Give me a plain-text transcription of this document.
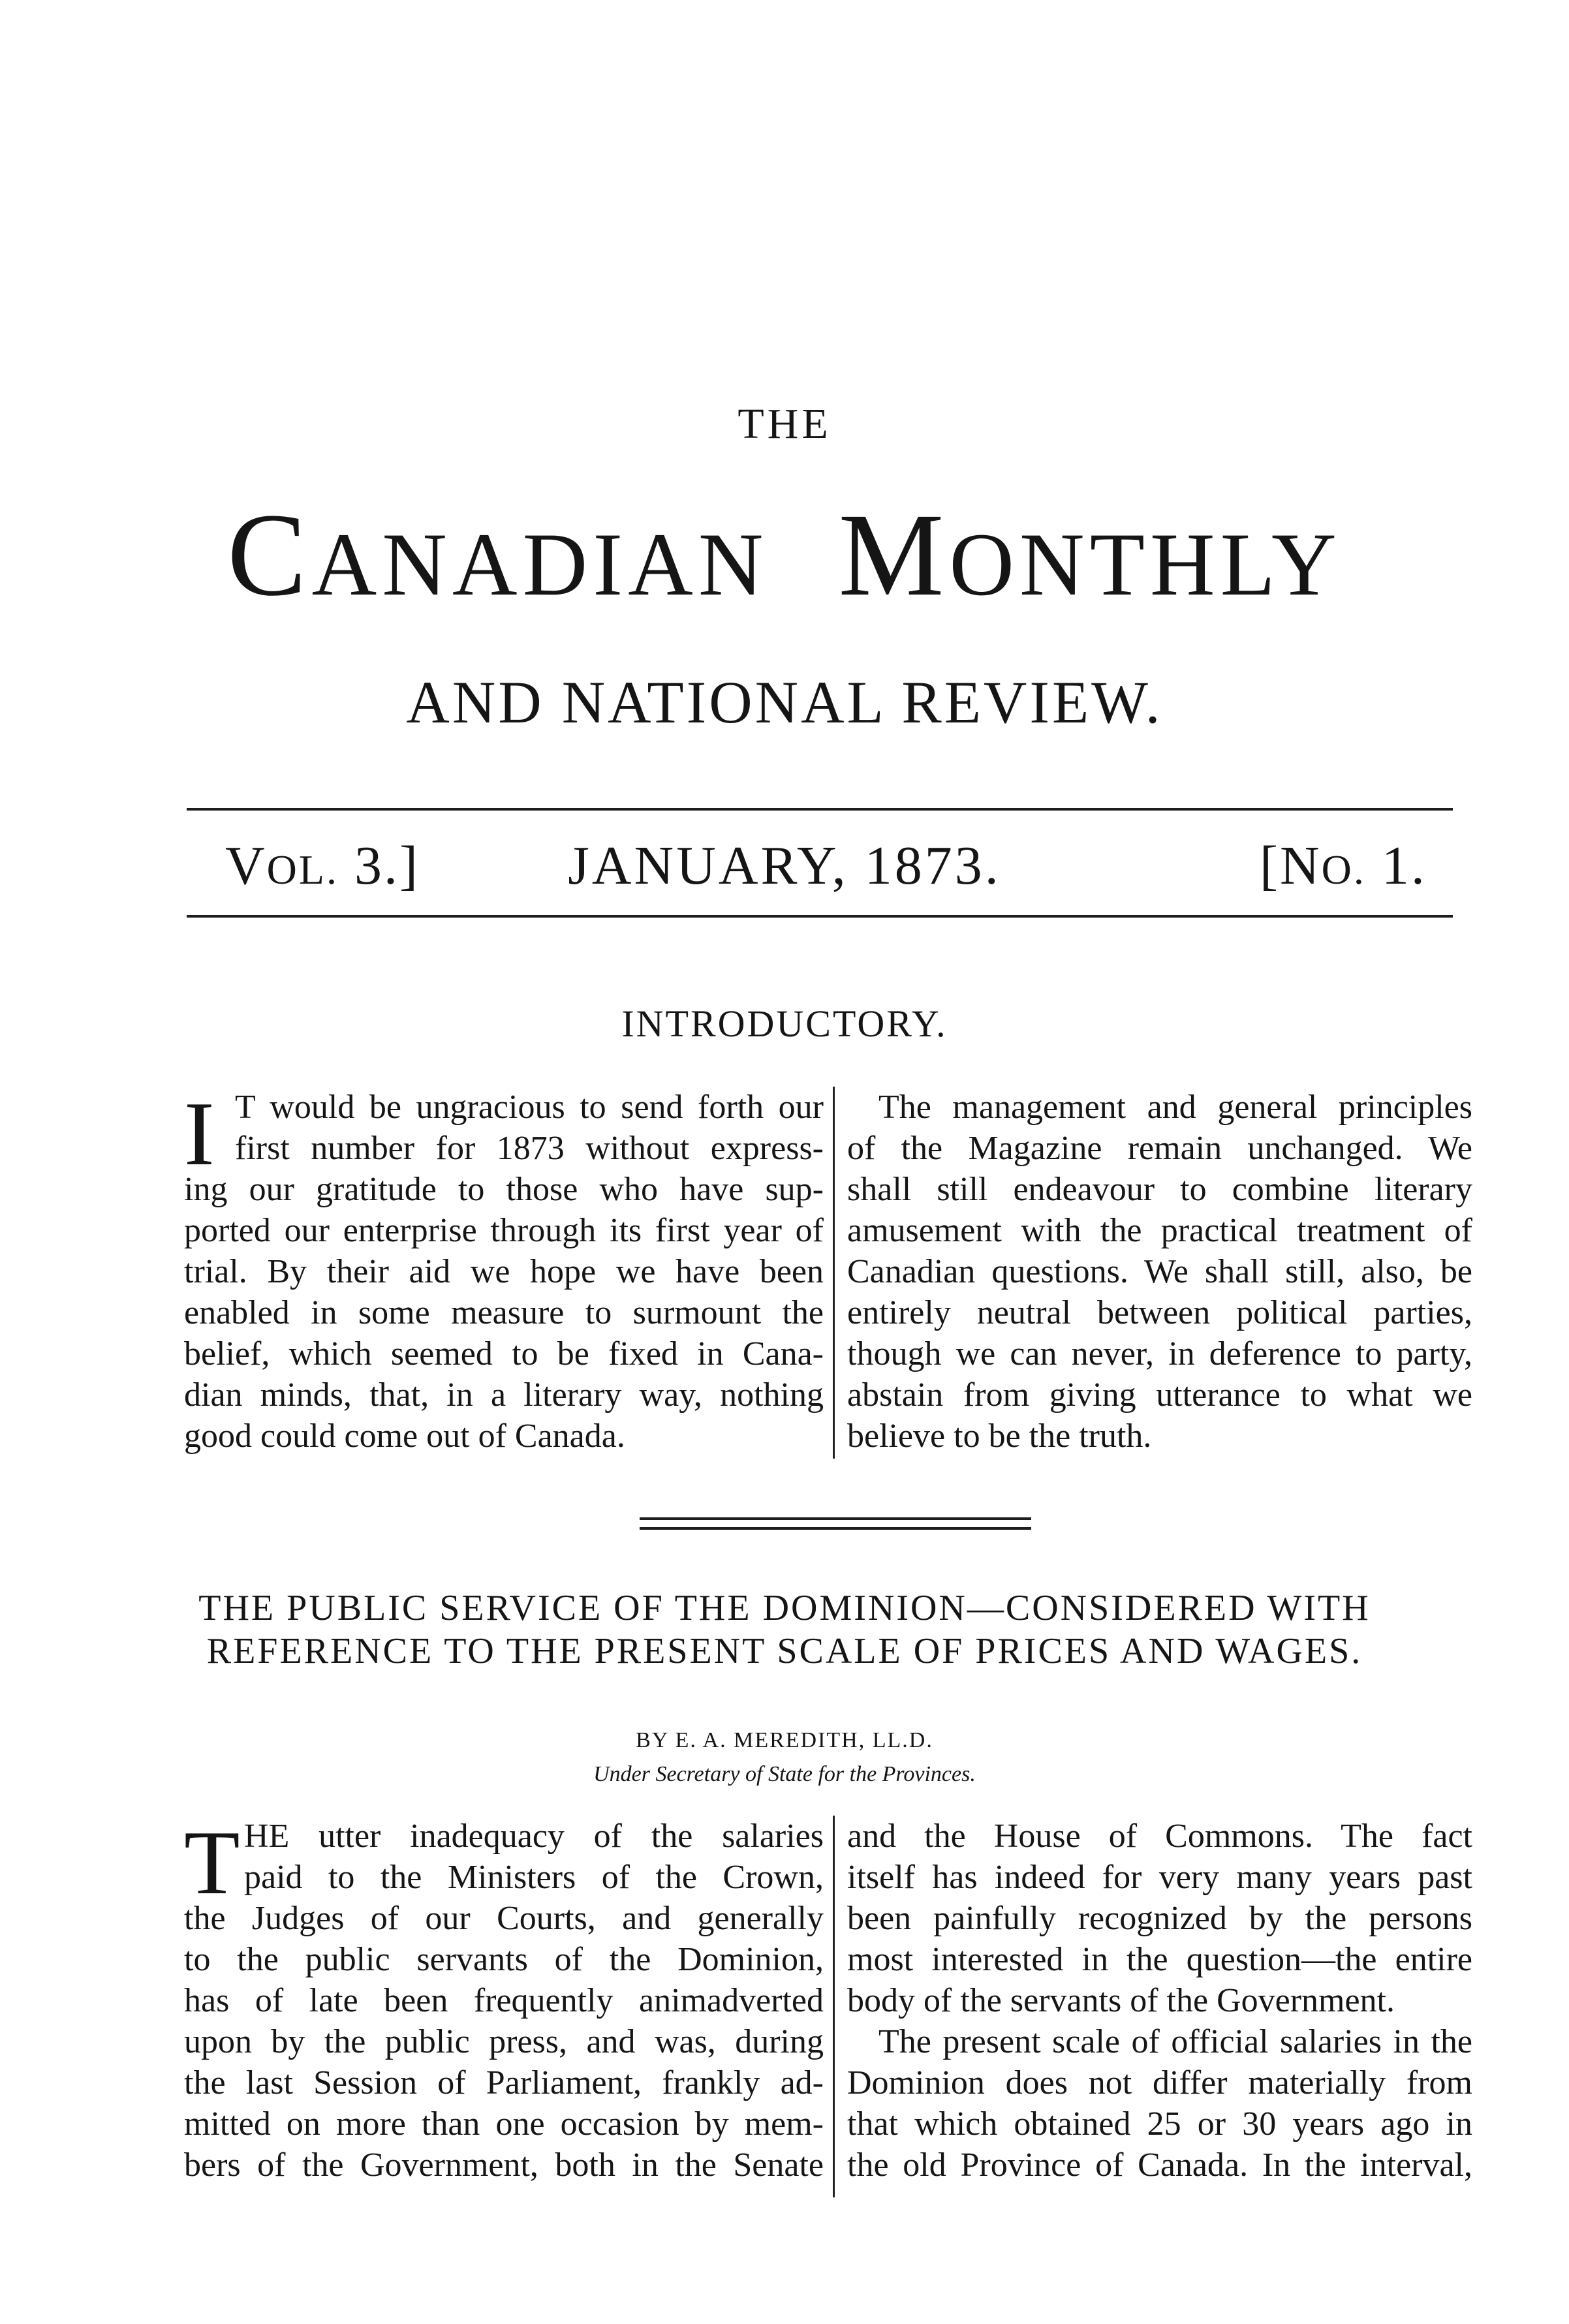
THE
CANADIAN MONTHLY
AND NATIONAL REVIEW.
VOL. 3.]	JANUARY, 1873.	[NO. 1.
INTRODUCTORY.
I T would be ungracious to send forth our
first number for 1873 without express-
ing our gratitude to those who have sup-
ported our enterprise through its first year of
trial. By their aid we hope we have been
enabled in some measure to surmount the
belief, which seemed to be fixed in Cana-
dian minds, that, in a literary way, nothing
good could come out of Canada.
The management and general principles
of the Magazine remain unchanged. We
shall still endeavour to combine literary
amusement with the practical treatment of
Canadian questions. We shall still, also, be
entirely neutral between political parties,
though we can never, in deference to party,
abstain from giving utterance to what we
believe to be the truth.
THE PUBLIC SERVICE OF THE DOMINION—CONSIDERED WITH
REFERENCE TO THE PRESENT SCALE OF PRICES AND WAGES.
BY E. A. MEREDITH, LL.D.
Under Secretary of State for the Provinces.
T HE utter inadequacy of the salaries
paid to the Ministers of the Crown,
the Judges of our Courts, and generally
to the public servants of the Dominion,
has of late been frequently animadverted
upon by the public press, and was, during
the last Session of Parliament, frankly ad-
mitted on more than one occasion by mem-
bers of the Government, both in the Senate
and the House of Commons. The fact
itself has indeed for very many years past
been painfully recognized by the persons
most interested in the question—the entire
body of the servants of the Government.
The present scale of official salaries in the
Dominion does not differ materially from
that which obtained 25 or 30 years ago in
the old Province of Canada. In the interval,
